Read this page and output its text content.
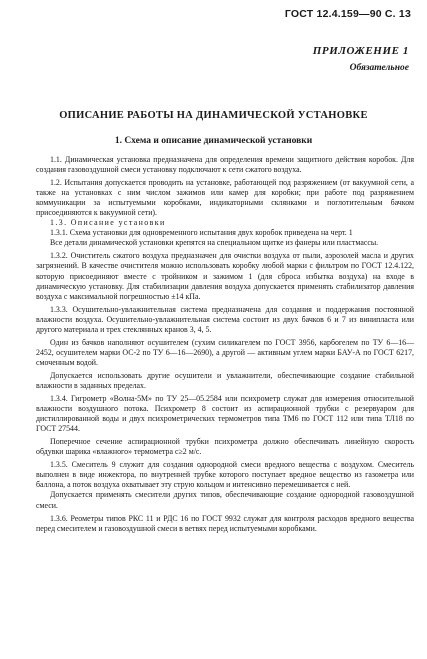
ГОСТ 12.4.159—90 С. 13
ПРИЛОЖЕНИЕ 1
Обязательное
ОПИСАНИЕ РАБОТЫ НА ДИНАМИЧЕСКОЙ УСТАНОВКЕ
1. Схема и описание динамической установки

1.1. Динамическая установка предназначена для определения времени защитного действия коробок. Для создания газовоздушной смеси установку подключают к сети сжатого воздуха.

1.2. Испытания допускается проводить на установке, работающей под разряжением (от вакуумной сети, а также на установках с ним числом зажимов или камер для коробки; при работе под разряжением коммуникации за испытуемыми коробками, индикаторными склянками и поглотительным бачком присоединяются к вакуумной сети).

1.3. Описание установки

1.3.1. Схема установки для одновременного испытания двух коробок приведена на черт. 1

Все детали динамической установки крепятся на специальном щитке из фанеры или пластмассы.

1.3.2. Очиститель сжатого воздуха предназначен для очистки воздуха от пыли, аэрозолей масла и других загрязнений. В качестве очистителя можно использовать коробку любой марки с фильтром по ГОСТ 12.4.122, которую присоединяют вместе с тройником и зажимом 1 (для сброса избытка воздуха) на входе в динамическую установку. Для стабилизации давления воздуха допускается применять стабилизатор давления воздуха с максимальной погрешностью ±14 кПа.

1.3.3. Осушительно-увлажнительная система предназначена для создания и поддержания постоянной влажности воздуха. Осушительно-увлажнительная система состоит из двух бачков 6 и 7 из винипласта или другого материала и трех стеклянных кранов 3, 4, 5.

Один из бачков наполняют осушителем (сухим силикагелем по ГОСТ 3956, карбогелем по ТУ 6—16—2452, осушителем марки ОС-2 по ТУ 6—16—2690), а другой — активным углем марки БАУ-А по ГОСТ 6217, смоченным водой.

Допускается использовать другие осушители и увлажнители, обеспечивающие создание стабильной влажности в заданных пределах.

1.3.4. Гигрометр «Волна-5М» по ТУ 25—05.2584 или психрометр служат для измерения относительной влажности воздушного потока. Психрометр 8 состоит из аспирационной трубки с резервуаром для дистиллированной воды и двух психрометрических термометров типа ТМ6 по ГОСТ 112 или типа ТЛ18 по ГОСТ 27544.

Поперечное сечение аспирационной трубки психрометра должно обеспечивать линейную скорость обдувки шарика «влажного» термометра с≥2 м/с.

1.3.5. Смеситель 9 служит для создания однородной смеси вредного вещества с воздухом. Смеситель выполнен в виде инжектора, по внутренней трубке которого поступает вредное вещество из газометра или баллона, а поток воздуха охватывает эту струю кольцом и интенсивно перемешивается с ней.

Допускается применять смесители других типов, обеспечивающие создание однородной газовоздушной смеси.

1.3.6. Реометры типов РКС 11 и РДС 16 по ГОСТ 9932 служат для контроля расходов вредного вещества перед смесителем и газовоздушной смеси в ветвях перед испытуемыми коробками.
